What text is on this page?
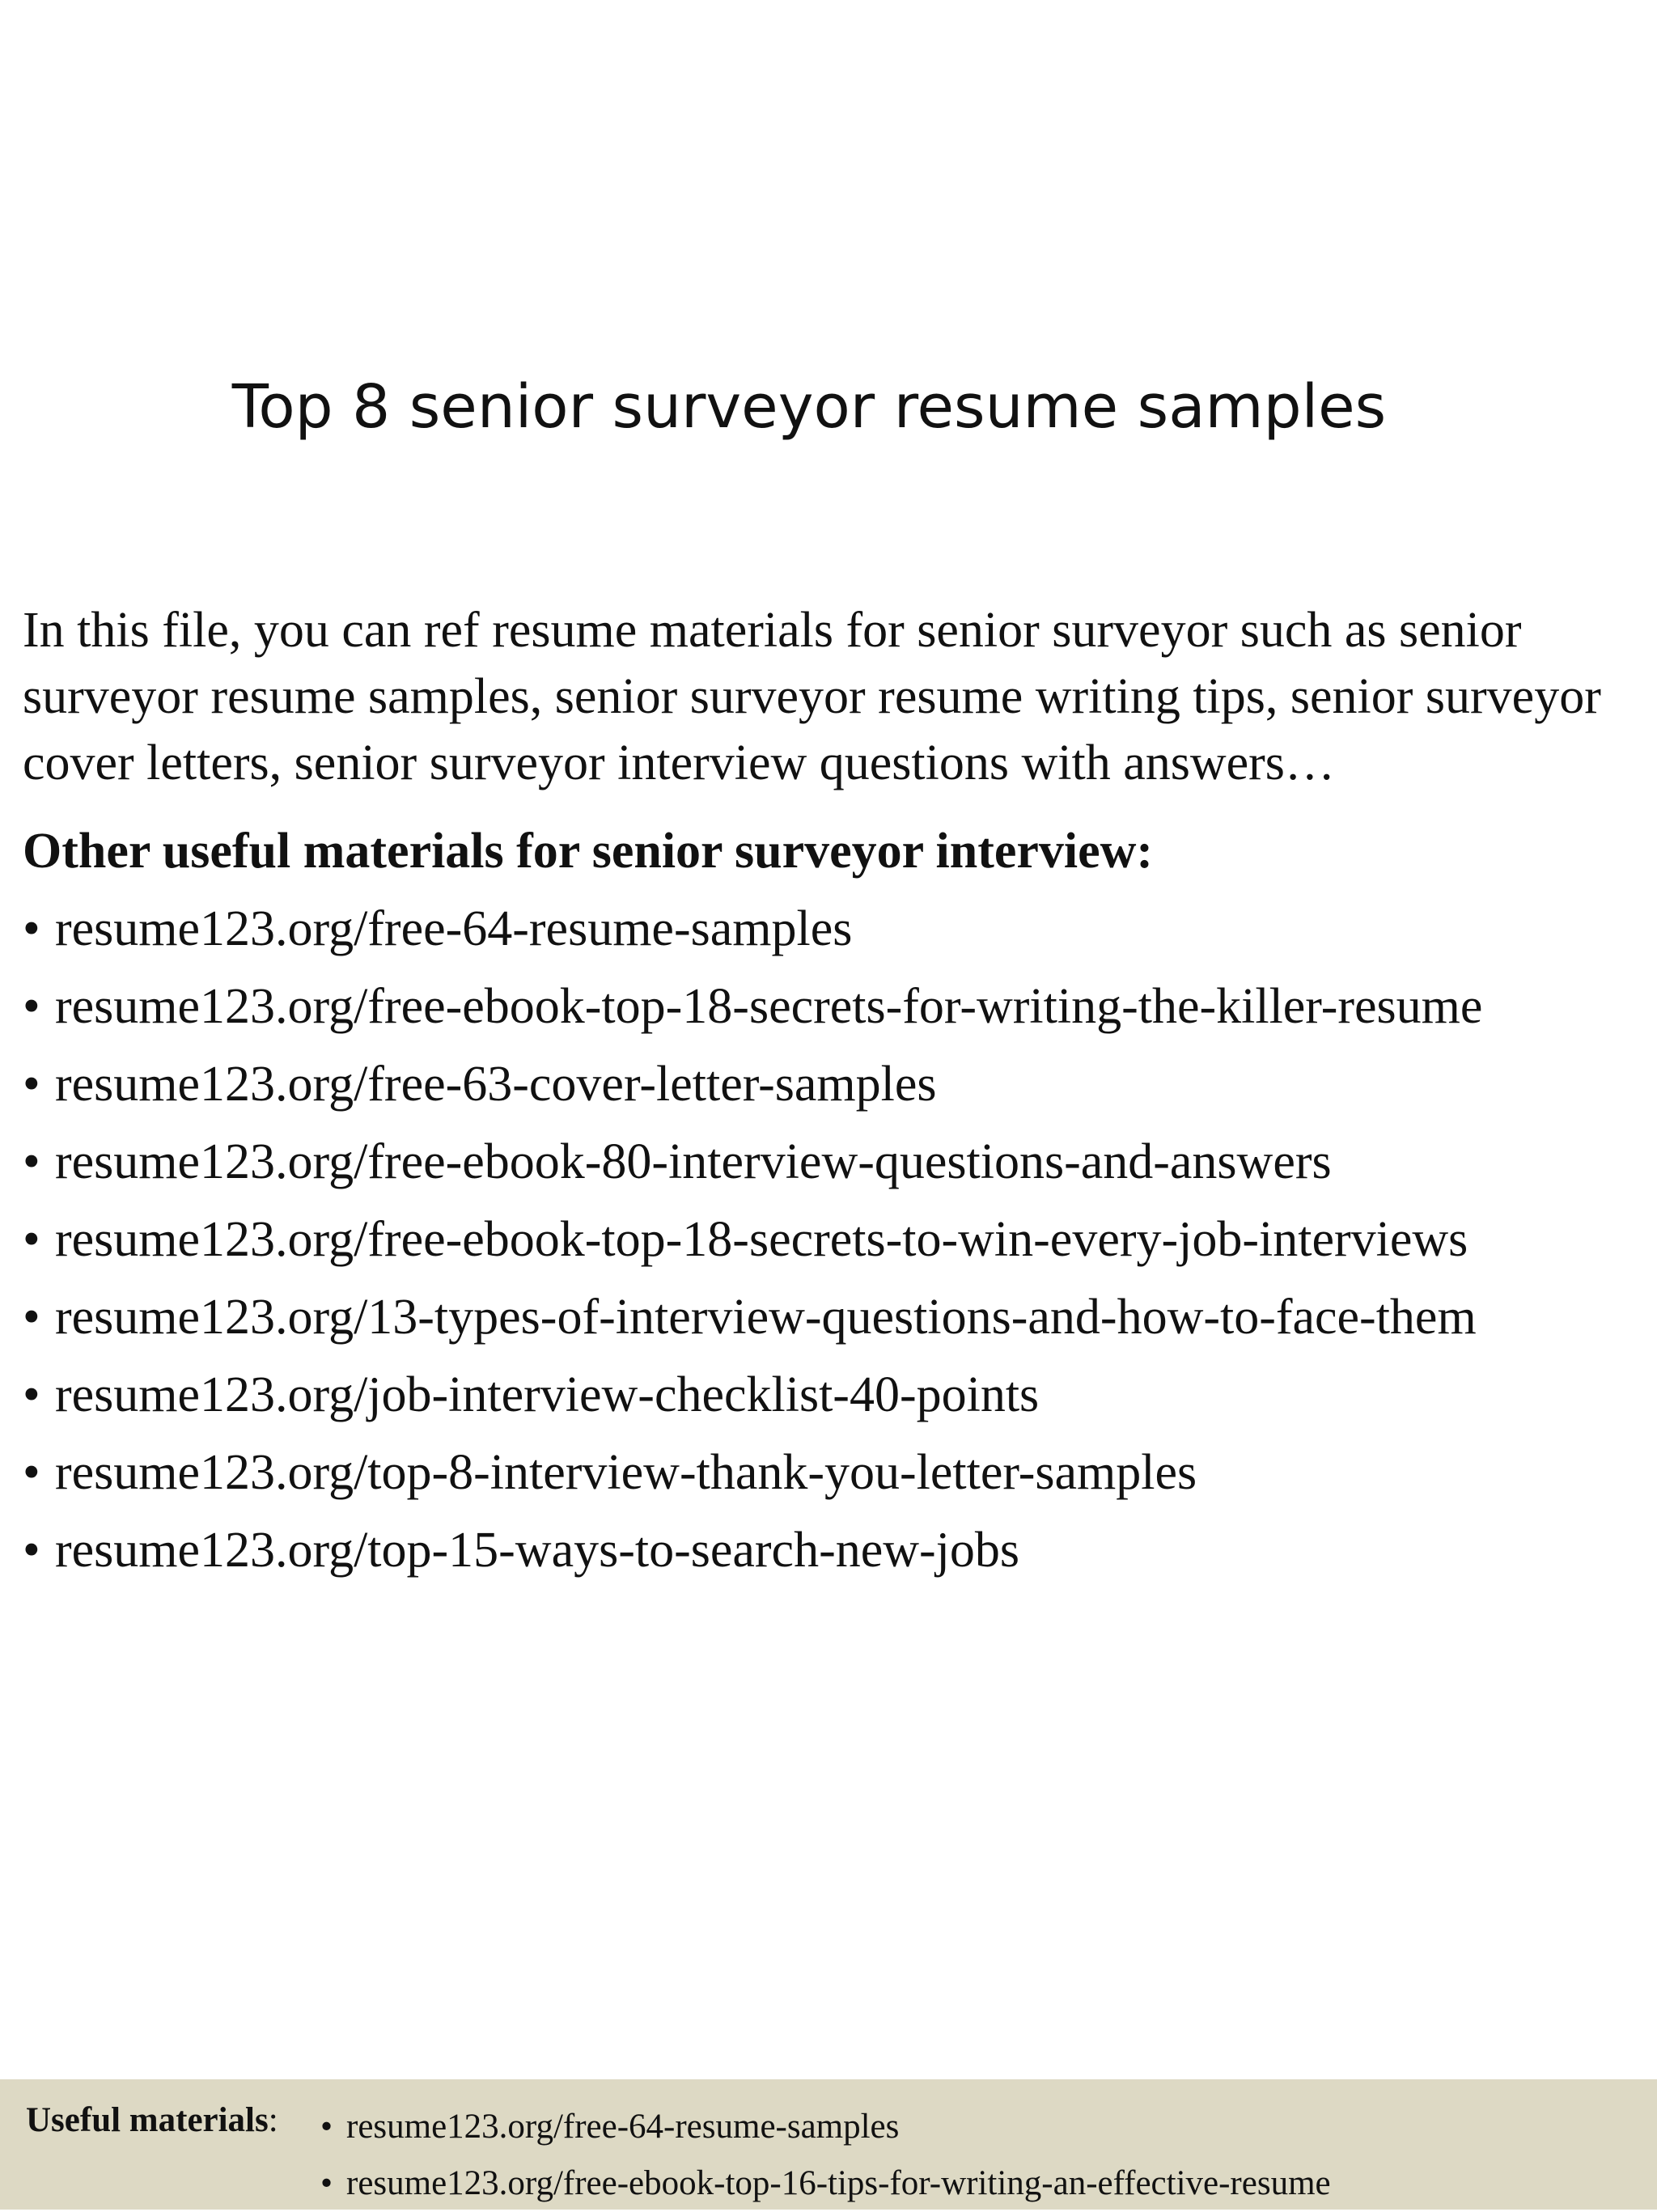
Top 8 senior surveyor resume samples

In this file, you can ref resume materials for senior surveyor such as senior surveyor resume samples, senior surveyor resume writing tips, senior surveyor cover letters, senior surveyor interview questions with answers…

Other useful materials for senior surveyor interview:
• resume123.org/free-64-resume-samples
• resume123.org/free-ebook-top-18-secrets-for-writing-the-killer-resume
• resume123.org/free-63-cover-letter-samples
• resume123.org/free-ebook-80-interview-questions-and-answers
• resume123.org/free-ebook-top-18-secrets-to-win-every-job-interviews
• resume123.org/13-types-of-interview-questions-and-how-to-face-them
• resume123.org/job-interview-checklist-40-points
• resume123.org/top-8-interview-thank-you-letter-samples
• resume123.org/top-15-ways-to-search-new-jobs
Useful materials: • resume123.org/free-64-resume-samples
• resume123.org/free-ebook-top-16-tips-for-writing-an-effective-resume
